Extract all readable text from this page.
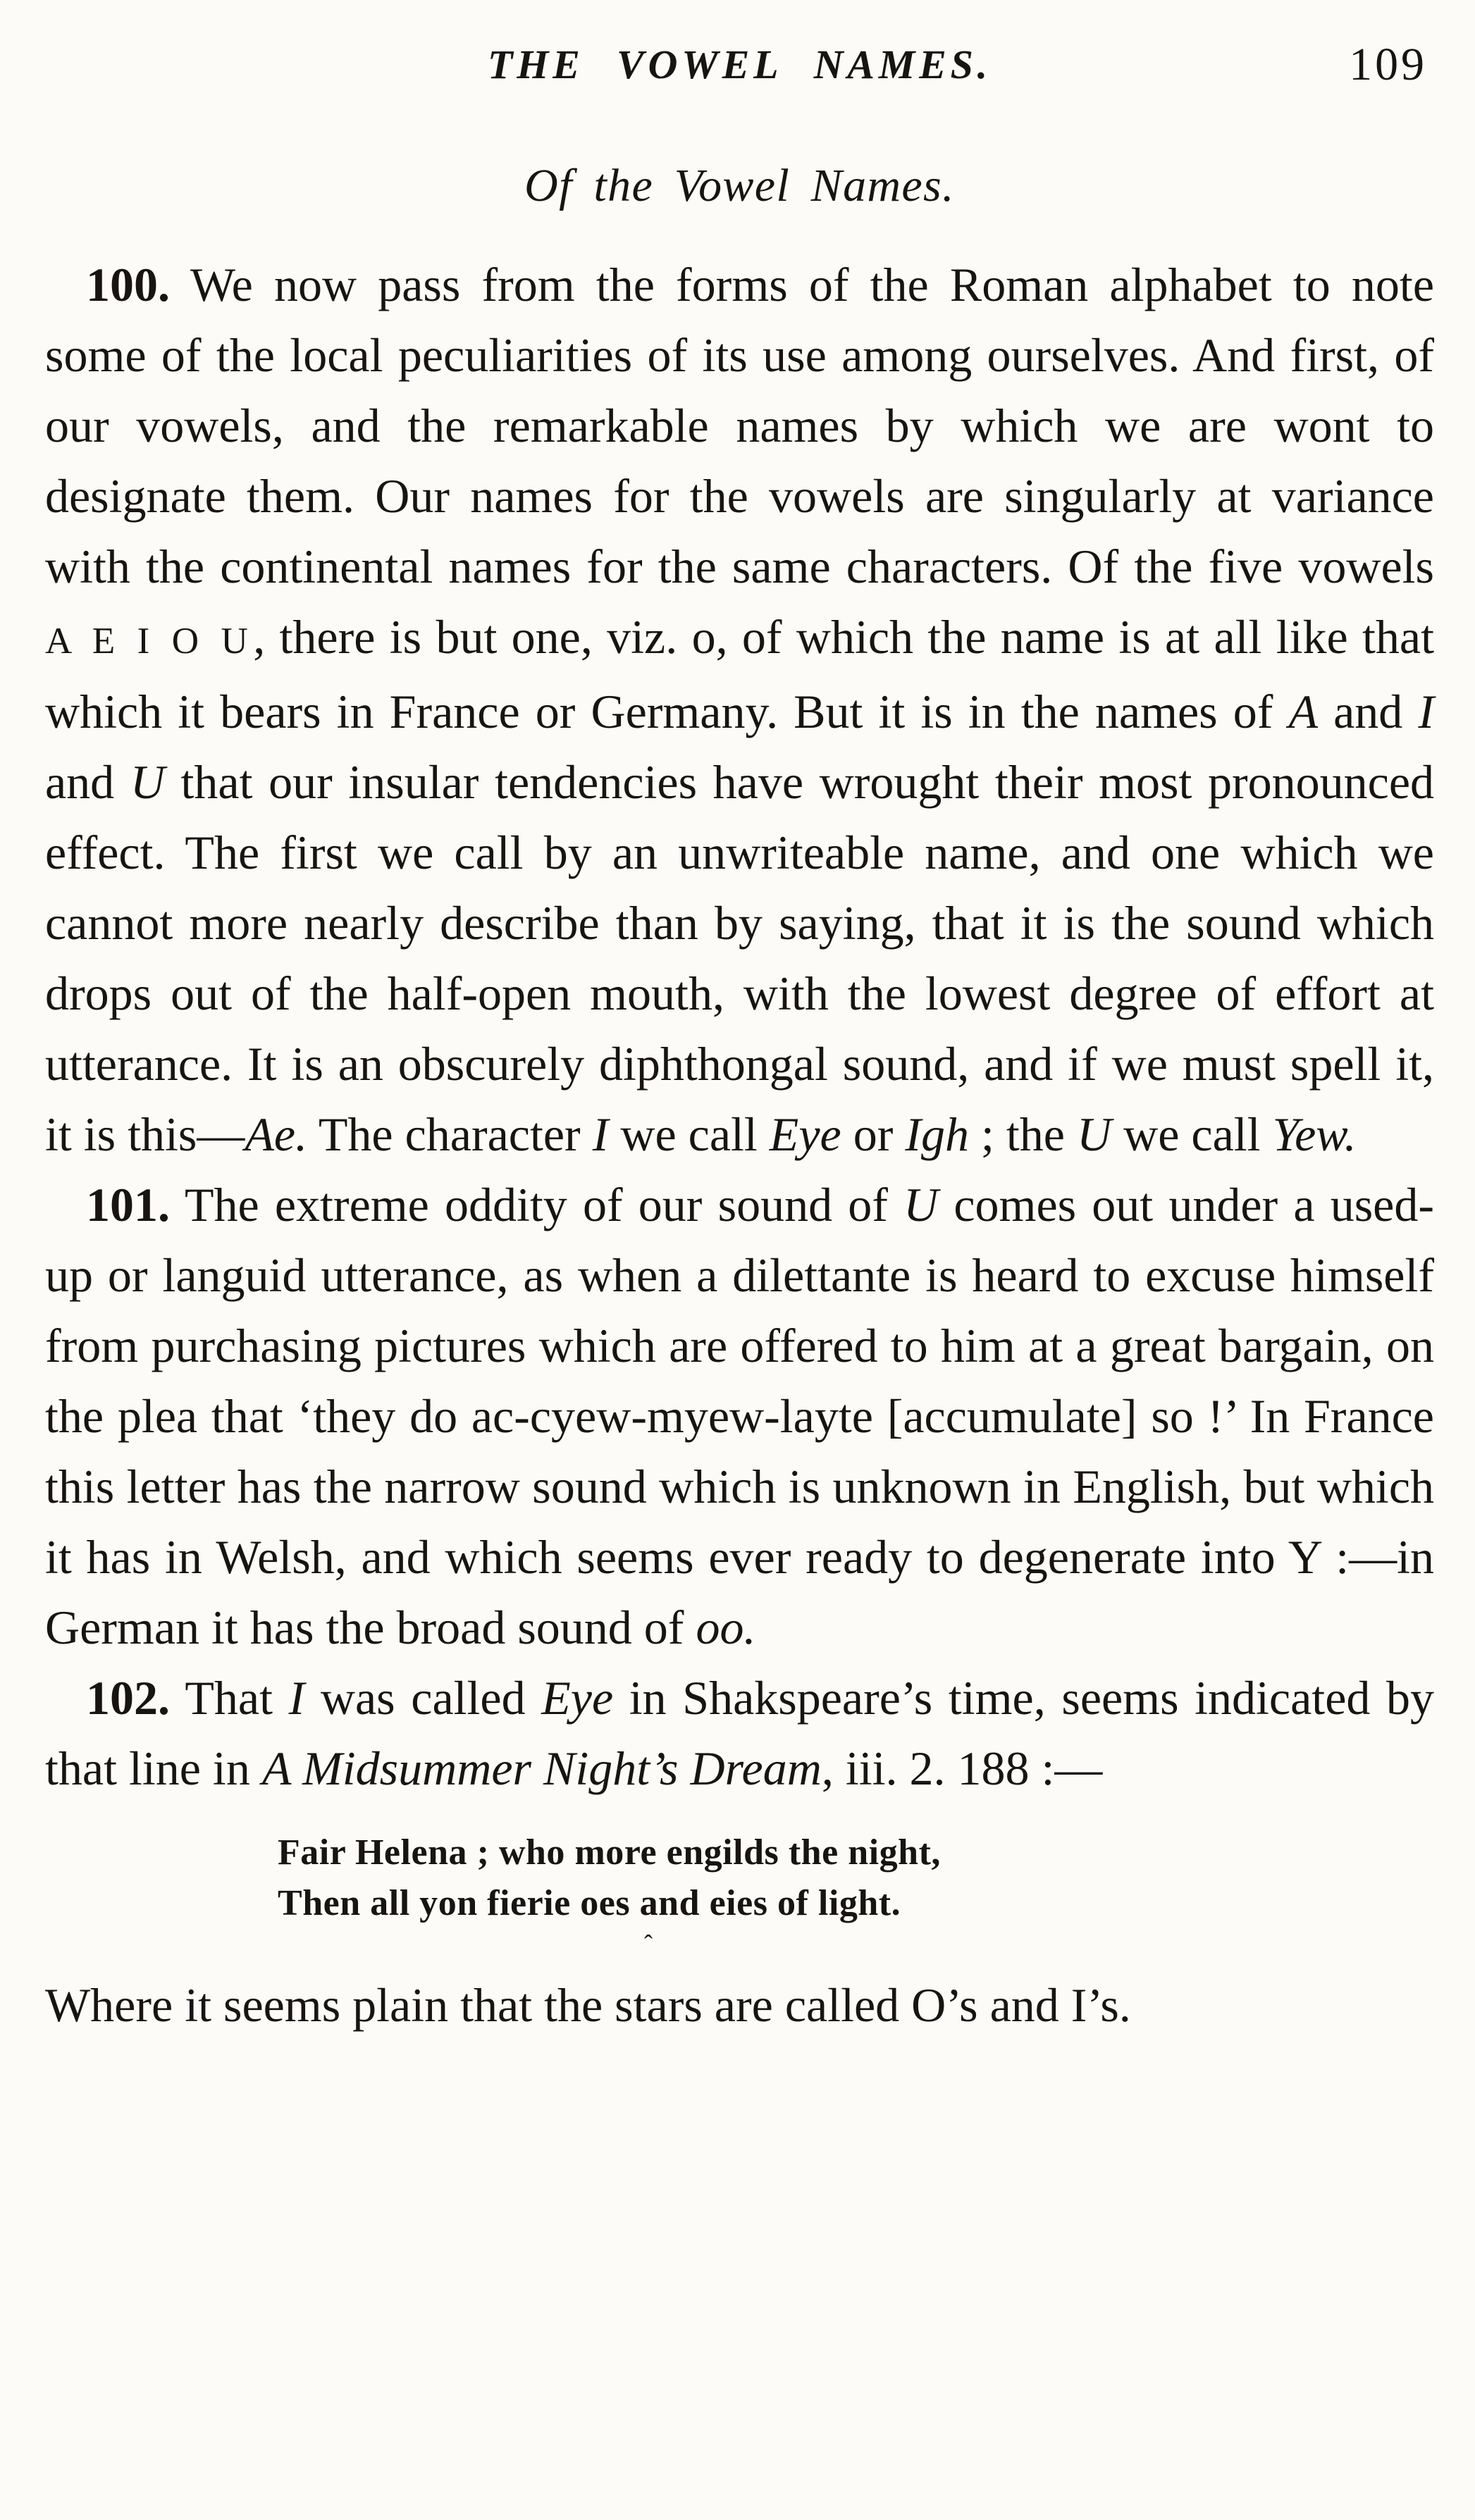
THE VOWEL NAMES.	109
Of the Vowel Names.

100. We now pass from the forms of the Roman alphabet to note some of the local peculiarities of its use among ourselves. And first, of our vowels, and the remarkable names by which we are wont to designate them. Our names for the vowels are singularly at variance with the continental names for the same characters. Of the five vowels A E I O U, there is but one, viz. o, of which the name is at all like that which it bears in France or Germany. But it is in the names of A and I and U that our insular tendencies have wrought their most pronounced effect. The first we call by an unwriteable name, and one which we cannot more nearly describe than by saying, that it is the sound which drops out of the half-open mouth, with the lowest degree of effort at utterance. It is an obscurely diphthongal sound, and if we must spell it, it is this—Ae. The character I we call Eye or Igh ; the U we call Yew.

101. The extreme oddity of our sound of U comes out under a used-up or languid utterance, as when a dilettante is heard to excuse himself from purchasing pictures which are offered to him at a great bargain, on the plea that ‘they do ac-cyew-myew-layte [accumulate] so !’ In France this letter has the narrow sound which is unknown in English, but which it has in Welsh, and which seems ever ready to degenerate into Y :—in German it has the broad sound of oo.

102. That I was called Eye in Shakspeare’s time, seems indicated by that line in A Midsummer Night’s Dream, iii. 2. 188 :—

Fair Helena ; who more engilds the night,
Then all yon fierie oes and eies of light.
ˆ

Where it seems plain that the stars are called O’s and I’s.
